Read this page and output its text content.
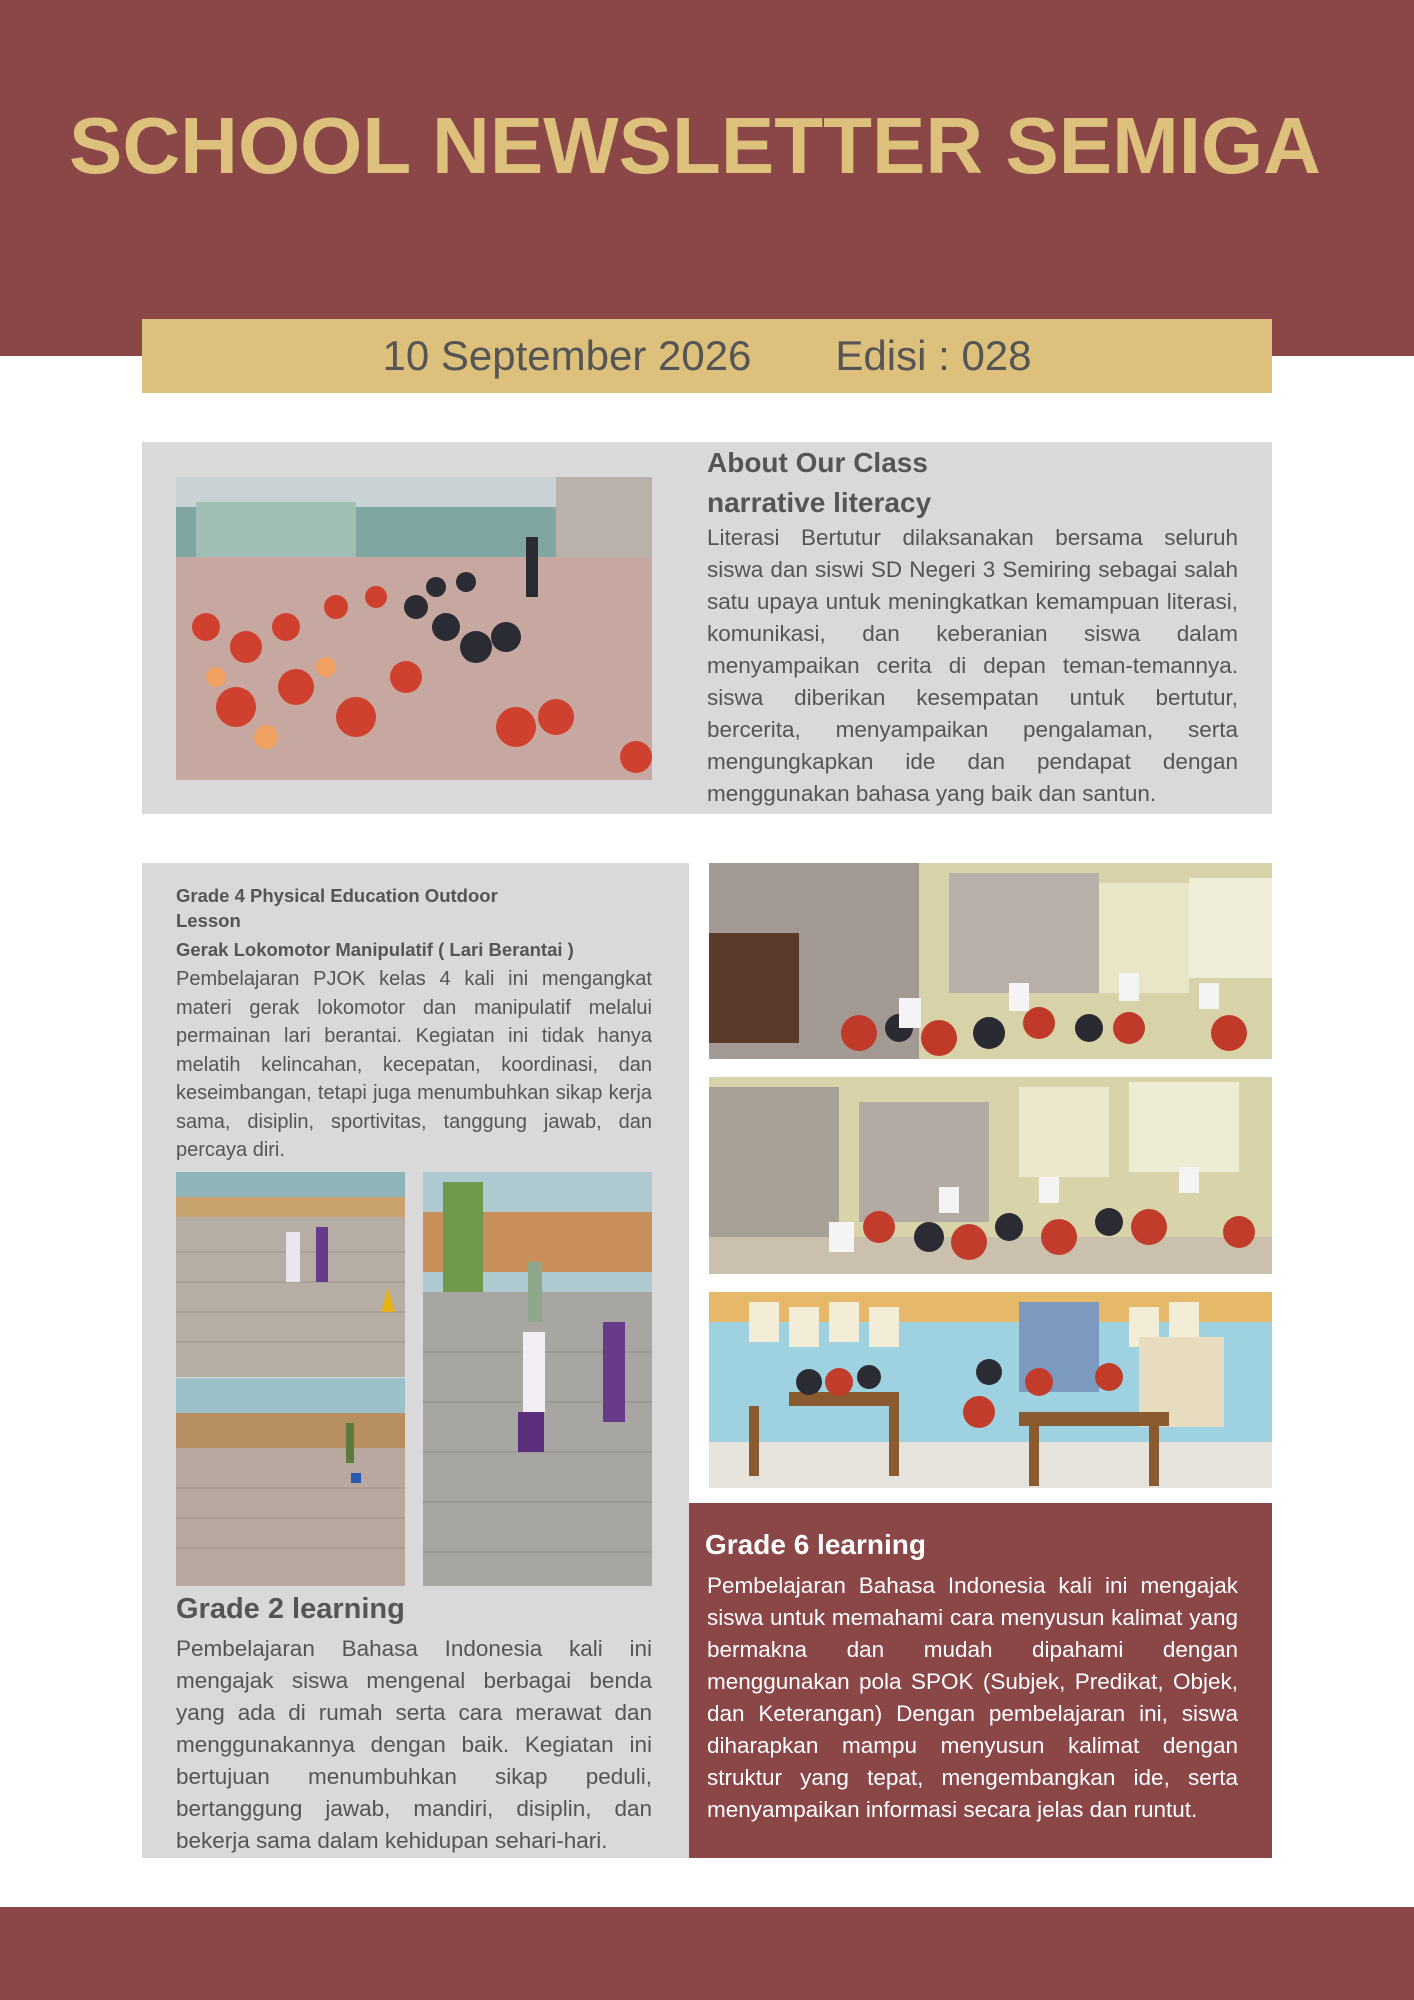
SCHOOL NEWSLETTER SEMIGA
10 September 2026 Edisi : 028
About Our Class
narrative literacy
Literasi Bertutur dilaksanakan bersama seluruh siswa dan siswi SD Negeri 3 Semiring sebagai salah satu upaya untuk meningkatkan kemampuan literasi, komunikasi, dan keberanian siswa dalam menyampaikan cerita di depan teman-temannya. siswa diberikan kesempatan untuk bertutur, bercerita, menyampaikan pengalaman, serta mengungkapkan ide dan pendapat dengan menggunakan bahasa yang baik dan santun.
Grade 4 Physical Education Outdoor Lesson
Gerak Lokomotor Manipulatif ( Lari Berantai )
Pembelajaran PJOK kelas 4 kali ini mengangkat materi gerak lokomotor dan manipulatif melalui permainan lari berantai. Kegiatan ini tidak hanya melatih kelincahan, kecepatan, koordinasi, dan keseimbangan, tetapi juga menumbuhkan sikap kerja sama, disiplin, sportivitas, tanggung jawab, dan percaya diri.
Grade 2 learning
Pembelajaran Bahasa Indonesia kali ini mengajak siswa mengenal berbagai benda yang ada di rumah serta cara merawat dan menggunakannya dengan baik. Kegiatan ini bertujuan menumbuhkan sikap peduli, bertanggung jawab, mandiri, disiplin, dan bekerja sama dalam kehidupan sehari-hari.
Grade 6 learning
Pembelajaran Bahasa Indonesia kali ini mengajak siswa untuk memahami cara menyusun kalimat yang bermakna dan mudah dipahami dengan menggunakan pola SPOK (Subjek, Predikat, Objek, dan Keterangan) Dengan pembelajaran ini, siswa diharapkan mampu menyusun kalimat dengan struktur yang tepat, mengembangkan ide, serta menyampaikan informasi secara jelas dan runtut.
